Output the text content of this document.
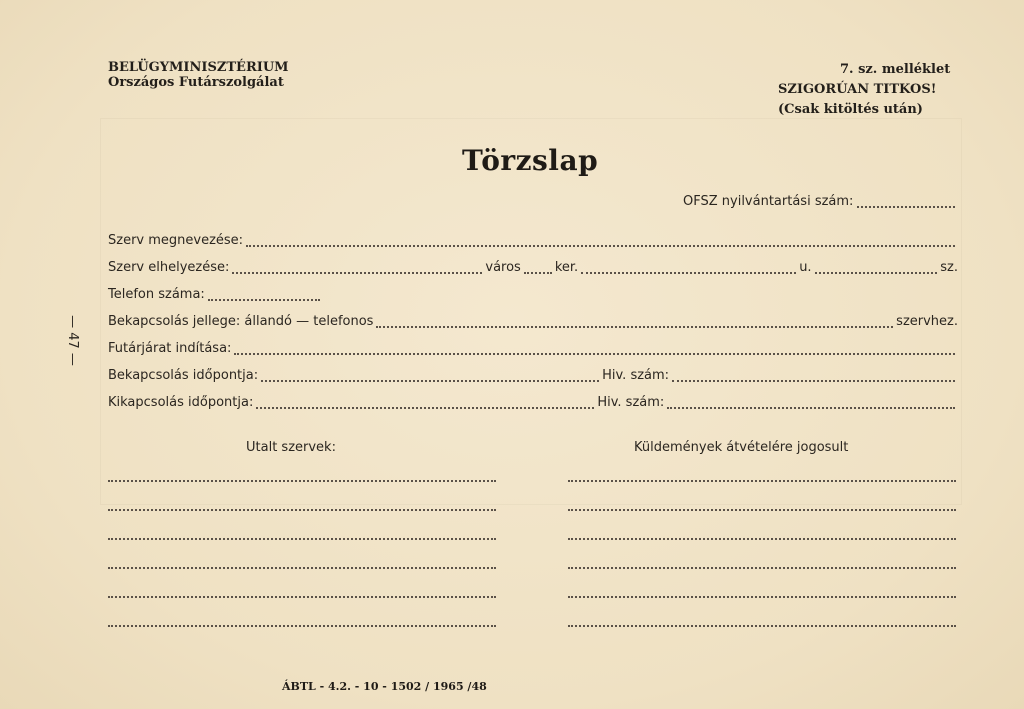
BELÜGYMINISZTÉRIUM
Országos Futárszolgálat
7. sz. melléklet
SZIGORÚAN TITKOS!
(Csak kitöltés után)
Törzslap
— 47 —
OFSZ nyilvántartási szám:
Szerv megnevezése:
Szerv elhelyezése:	város	ker.	u.	sz.
Telefon száma:
Bekapcsolás jellege: állandó — telefonos	szervhez.
Futárjárat indítása:
Bekapcsolás időpontja:	Hiv. szám:
Kikapcsolás időpontja:	Hiv. szám:
Utalt szervek:	Küldemények átvételére jogosult
ÁBTL - 4.2. - 10 - 1502 / 1965 /48
